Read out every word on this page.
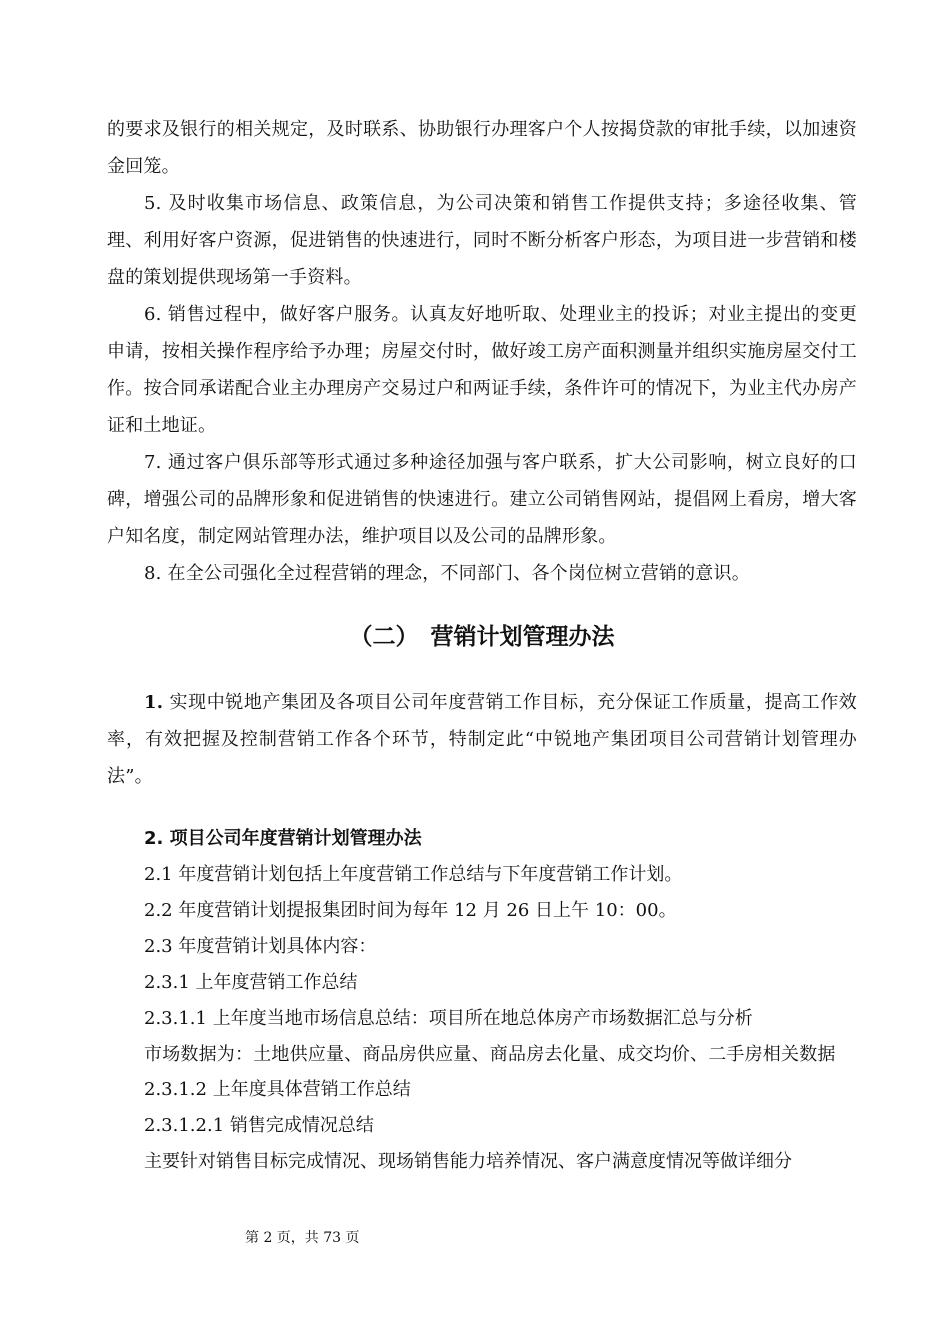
的要求及银行的相关规定，及时联系、协助银行办理客户个人按揭贷款的审批手续，以加速资金回笼。

5. 及时收集市场信息、政策信息，为公司决策和销售工作提供支持；多途径收集、管理、利用好客户资源，促进销售的快速进行，同时不断分析客户形态，为项目进一步营销和楼盘的策划提供现场第一手资料。

6. 销售过程中，做好客户服务。认真友好地听取、处理业主的投诉；对业主提出的变更申请，按相关操作程序给予办理；房屋交付时，做好竣工房产面积测量并组织实施房屋交付工作。按合同承诺配合业主办理房产交易过户和两证手续，条件许可的情况下，为业主代办房产证和土地证。

7. 通过客户俱乐部等形式通过多种途径加强与客户联系，扩大公司影响，树立良好的口碑，增强公司的品牌形象和促进销售的快速进行。建立公司销售网站，提倡网上看房，增大客户知名度，制定网站管理办法，维护项目以及公司的品牌形象。

8. 在全公司强化全过程营销的理念，不同部门、各个岗位树立营销的意识。

（二） 营销计划管理办法

1. 实现中锐地产集团及各项目公司年度营销工作目标，充分保证工作质量，提高工作效率，有效把握及控制营销工作各个环节，特制定此“中锐地产集团项目公司营销计划管理办法”。

2. 项目公司年度营销计划管理办法

2.1 年度营销计划包括上年度营销工作总结与下年度营销工作计划。

2.2 年度营销计划提报集团时间为每年 12 月 26 日上午 10：00。

2.3 年度营销计划具体内容：

2.3.1 上年度营销工作总结

2.3.1.1 上年度当地市场信息总结：项目所在地总体房产市场数据汇总与分析

市场数据为：土地供应量、商品房供应量、商品房去化量、成交均价、二手房相关数据

2.3.1.2 上年度具体营销工作总结

2.3.1.2.1 销售完成情况总结

主要针对销售目标完成情况、现场销售能力培养情况、客户满意度情况等做详细分

第 2 页，共 73 页
